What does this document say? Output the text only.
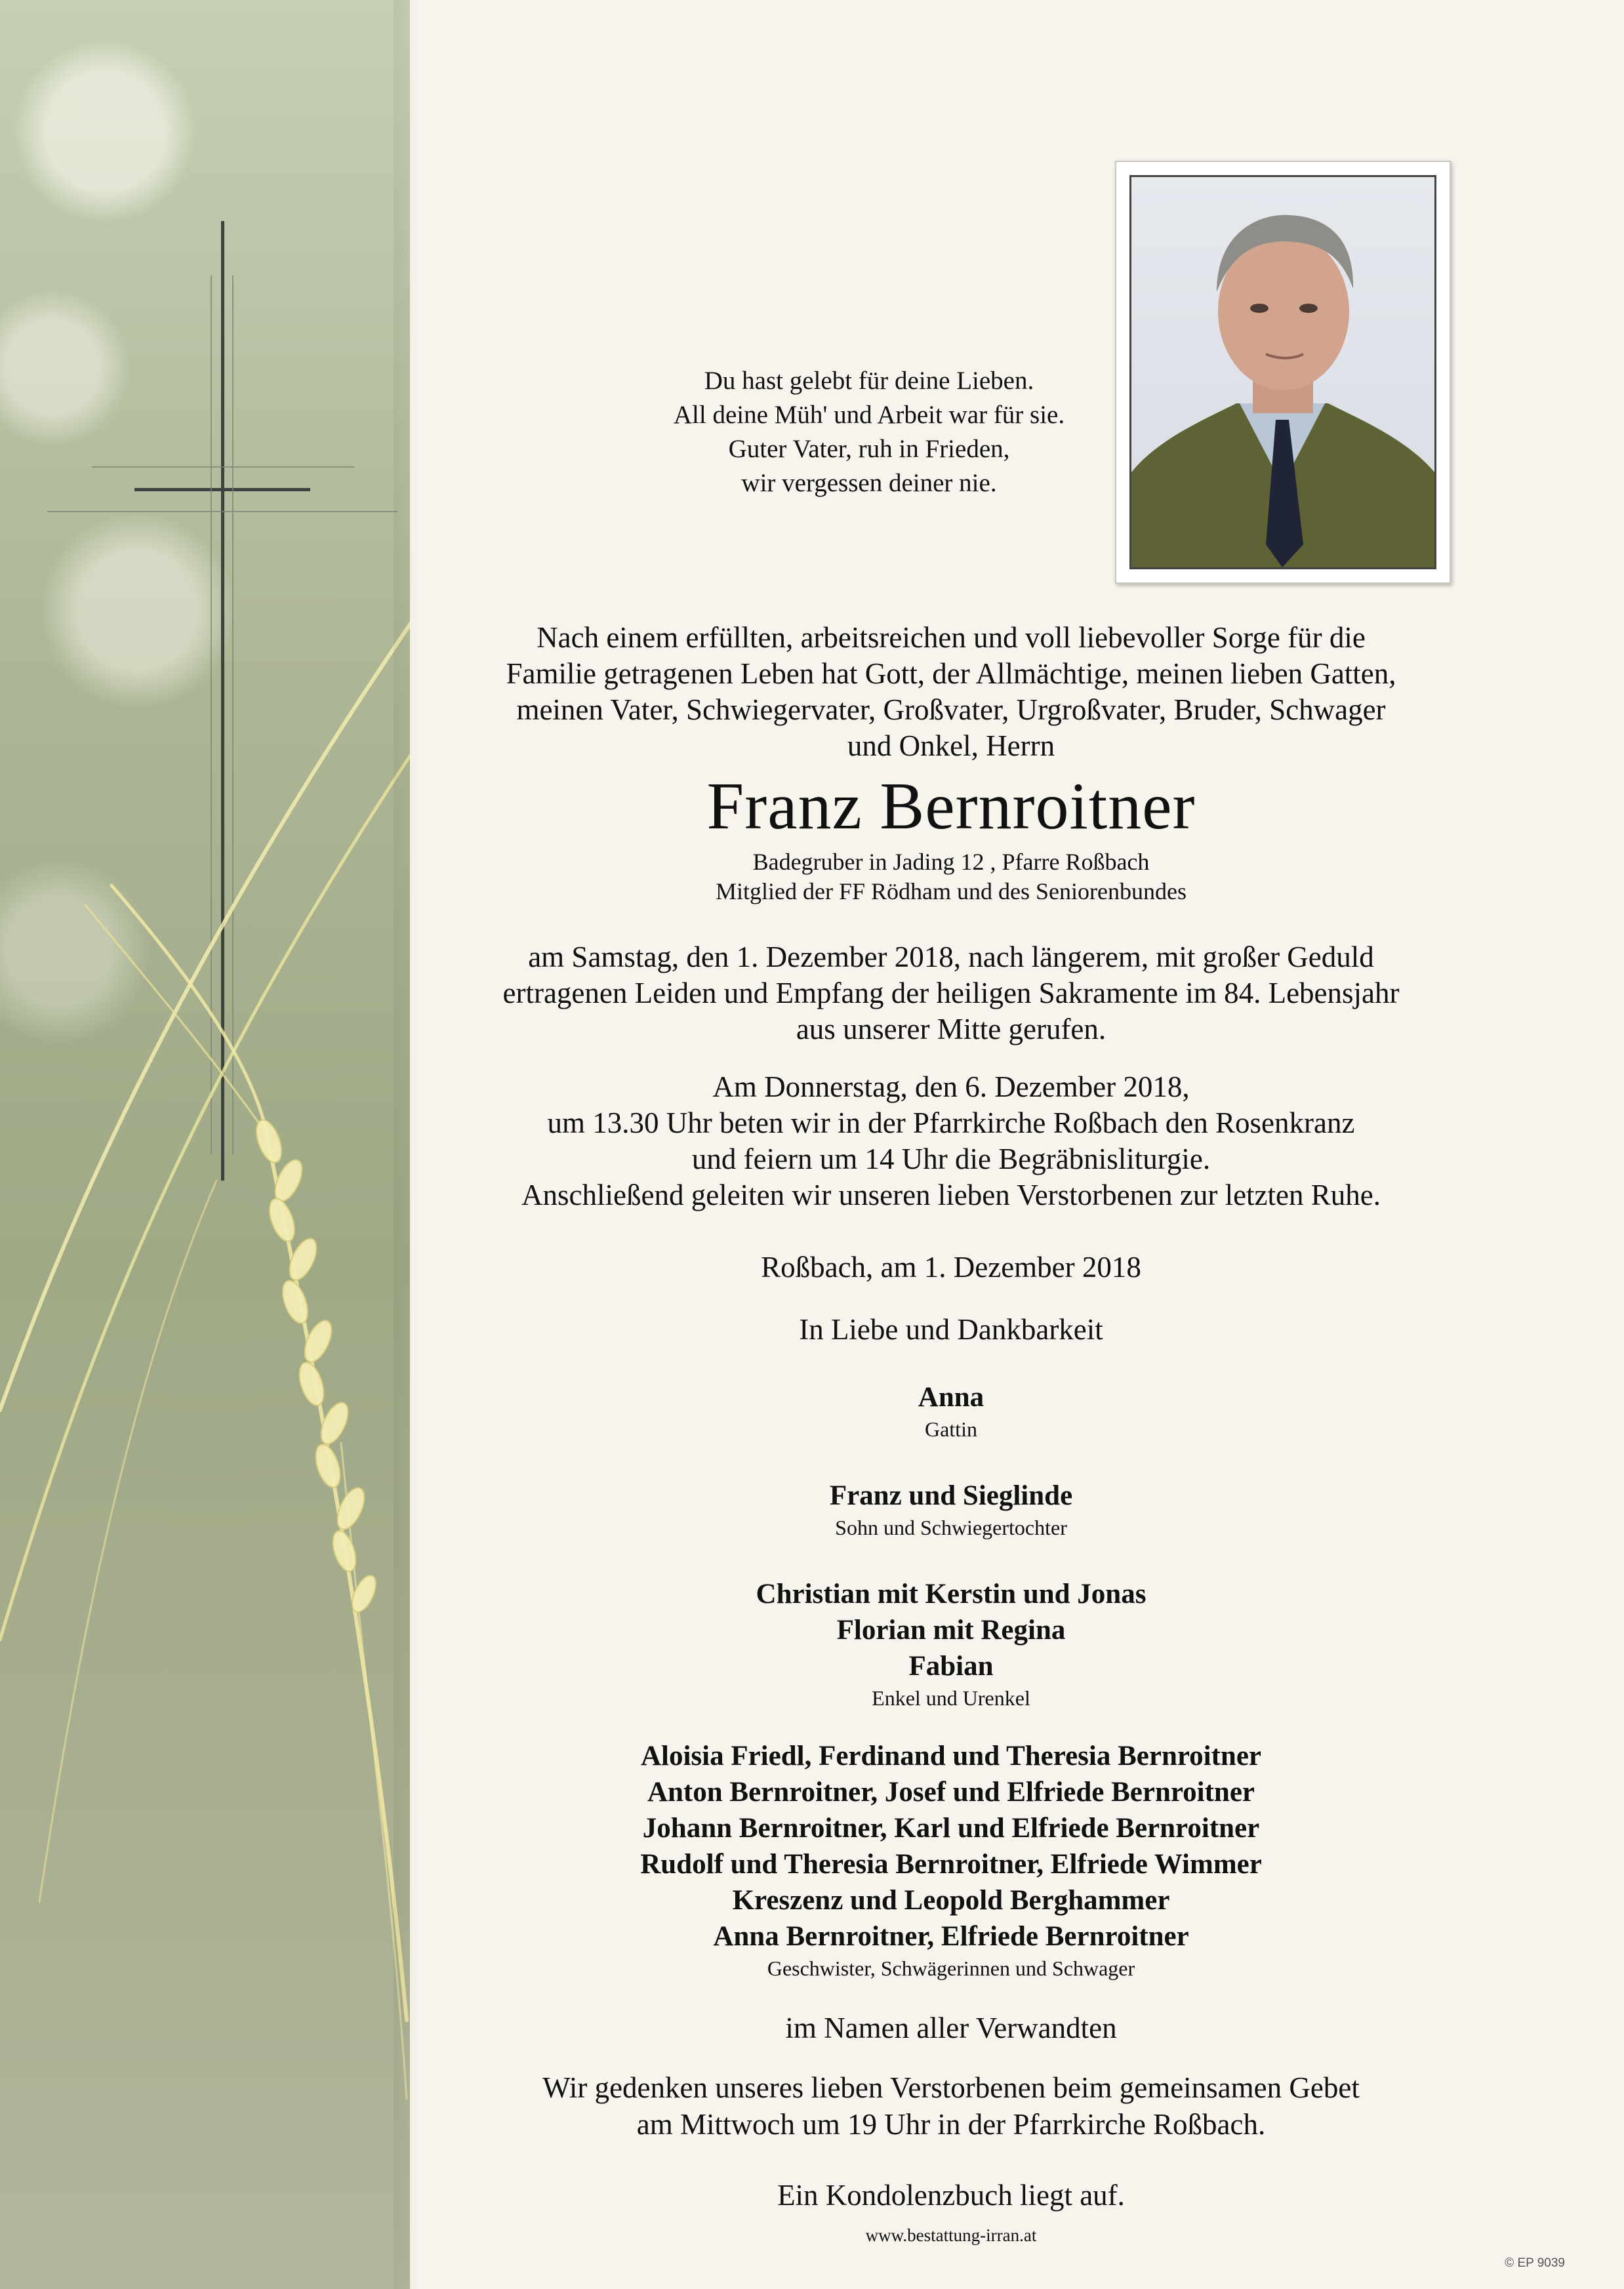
Du hast gelebt für deine Lieben.
All deine Müh' und Arbeit war für sie.
Guter Vater, ruh in Frieden,
wir vergessen deiner nie.
Nach einem erfüllten, arbeitsreichen und voll liebevoller Sorge für die
Familie getragenen Leben hat Gott, der Allmächtige, meinen lieben Gatten,
meinen Vater, Schwiegervater, Großvater, Urgroßvater, Bruder, Schwager
und Onkel, Herrn
Franz Bernroitner
Badegruber in Jading 12 , Pfarre Roßbach
Mitglied der FF Rödham und des Seniorenbundes
am Samstag, den 1. Dezember 2018, nach längerem, mit großer Geduld
ertragenen Leiden und Empfang der heiligen Sakramente im 84. Lebensjahr
aus unserer Mitte gerufen.
Am Donnerstag, den 6. Dezember 2018,
um 13.30 Uhr beten wir in der Pfarrkirche Roßbach den Rosenkranz
und feiern um 14 Uhr die Begräbnisliturgie.
Anschließend geleiten wir unseren lieben Verstorbenen zur letzten Ruhe.
Roßbach, am 1. Dezember 2018
In Liebe und Dankbarkeit
Anna
Gattin
Franz und Sieglinde
Sohn und Schwiegertochter
Christian mit Kerstin und Jonas
Florian mit Regina
Fabian
Enkel und Urenkel
Aloisia Friedl, Ferdinand und Theresia Bernroitner
Anton Bernroitner, Josef und Elfriede Bernroitner
Johann Bernroitner, Karl und Elfriede Bernroitner
Rudolf und Theresia Bernroitner, Elfriede Wimmer
Kreszenz und Leopold Berghammer
Anna Bernroitner, Elfriede Bernroitner
Geschwister, Schwägerinnen und Schwager
im Namen aller Verwandten
Wir gedenken unseres lieben Verstorbenen beim gemeinsamen Gebet
am Mittwoch um 19 Uhr in der Pfarrkirche Roßbach.
Ein Kondolenzbuch liegt auf.
www.bestattung-irran.at
© EP 9039
